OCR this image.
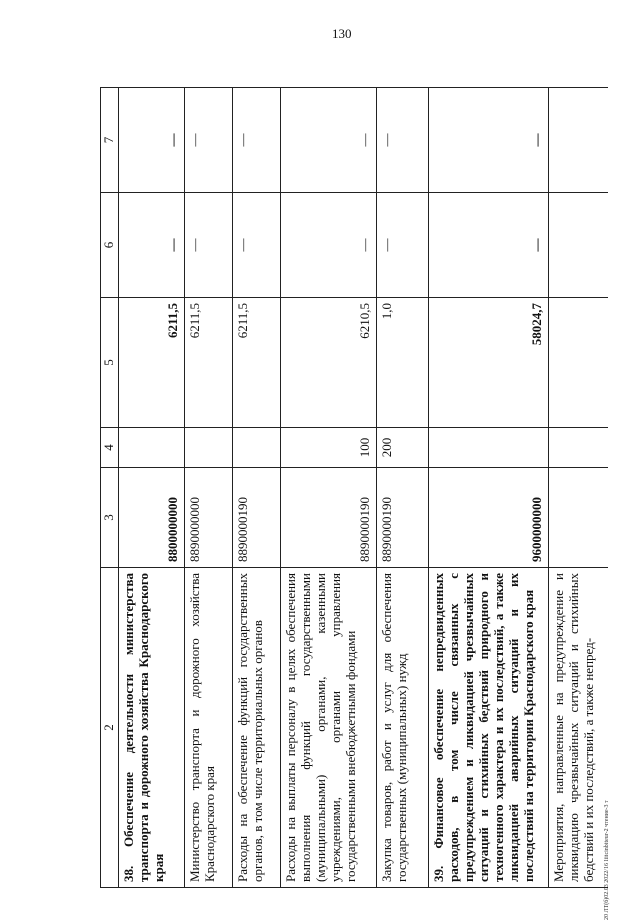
130
20 ЛТ(б)02.03 2022/16 Iiitcinbiteur-2 чтение-3 т
2	3	4	5	6	7
38. Обеспечение деятельности министерства транспорта и дорожного хозяйства Краснодарского края	8800000000		6211,5	—	—
Министерство транспорта и дорожного хозяйства Краснодарского края	8890000000		6211,5	—	—
Расходы на обеспечение функций государственных органов, в том числе территориальных органов	8890000190		6211,5	—	—
Расходы на выплаты персоналу в целях обеспечения выполнения функций государственными (муниципальными) органами, казенными учреждениями, органами управления государственными внебюджетными фондами	8890000190	100	6210,5	—	—
Закупка товаров, работ и услуг для обеспечения государственных (муниципальных) нужд	8890000190	200	1,0	—	—
39. Финансовое обеспечение непредвиденных расходов, в том числе связанных с предупреждением и ликвидацией чрезвычайных ситуаций и стихийных бедствий природного и техногенного характера и их последствий, а также ликвидацией аварийных ситуаций и их последствий на территории Краснодарского края	9600000000		58024,7	—	—
Мероприятия, направленные на предупреждение и ликвидацию чрезвычайных ситуаций и стихийных бедствий и их последствий, а также непред-					
